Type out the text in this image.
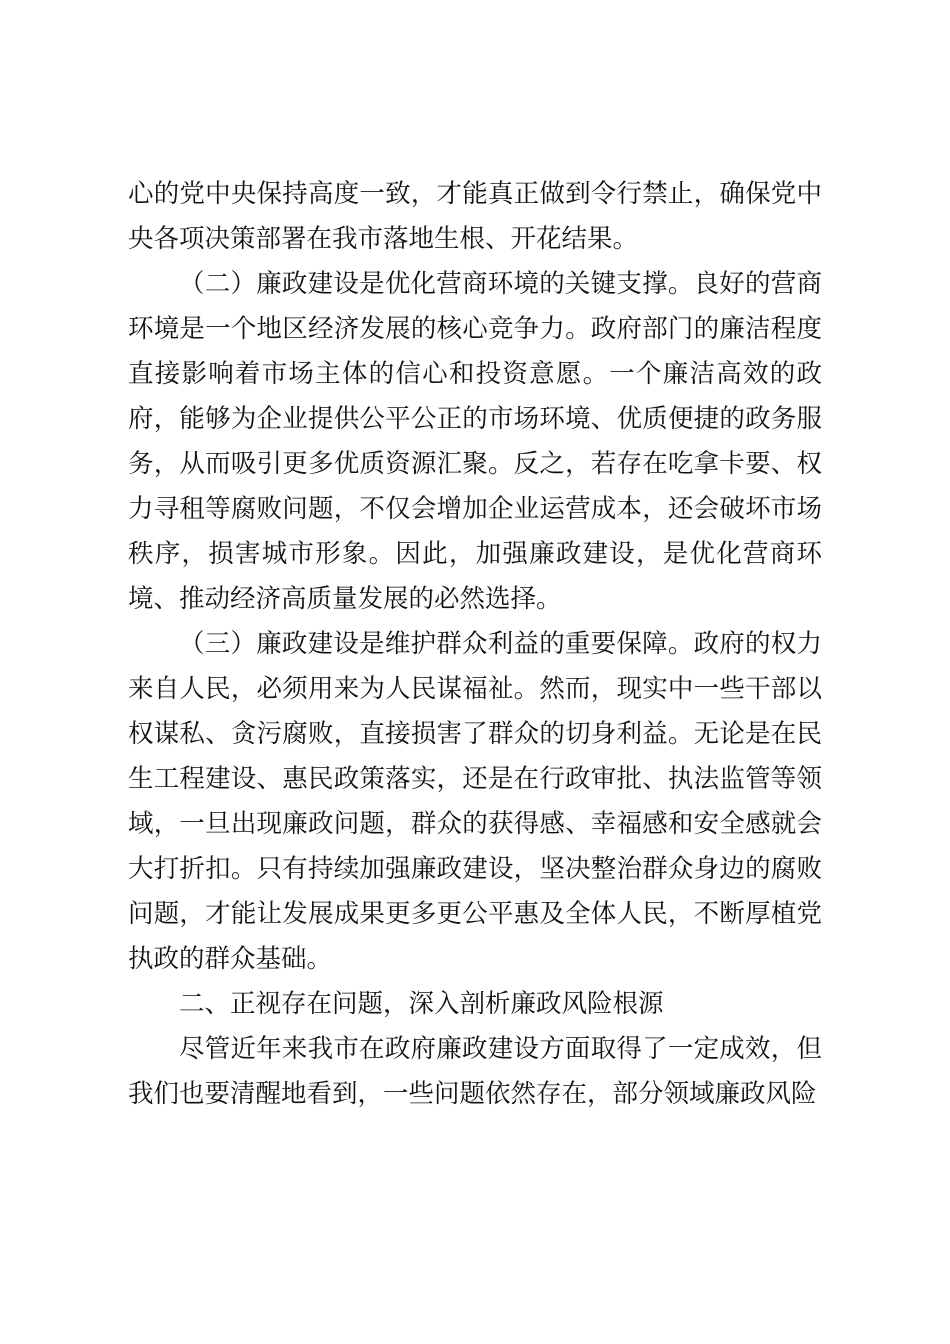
心的党中央保持高度一致，才能真正做到令行禁止，确保党中央各项决策部署在我市落地生根、开花结果。

（二）廉政建设是优化营商环境的关键支撑。良好的营商环境是一个地区经济发展的核心竞争力。政府部门的廉洁程度直接影响着市场主体的信心和投资意愿。一个廉洁高效的政府，能够为企业提供公平公正的市场环境、优质便捷的政务服务，从而吸引更多优质资源汇聚。反之，若存在吃拿卡要、权力寻租等腐败问题，不仅会增加企业运营成本，还会破坏市场秩序，损害城市形象。因此，加强廉政建设，是优化营商环境、推动经济高质量发展的必然选择。

（三）廉政建设是维护群众利益的重要保障。政府的权力来自人民，必须用来为人民谋福祉。然而，现实中一些干部以权谋私、贪污腐败，直接损害了群众的切身利益。无论是在民生工程建设、惠民政策落实，还是在行政审批、执法监管等领域，一旦出现廉政问题，群众的获得感、幸福感和安全感就会大打折扣。只有持续加强廉政建设，坚决整治群众身边的腐败问题，才能让发展成果更多更公平惠及全体人民，不断厚植党执政的群众基础。

二、正视存在问题，深入剖析廉政风险根源

尽管近年来我市在政府廉政建设方面取得了一定成效，但我们也要清醒地看到，一些问题依然存在，部分领域廉政风险
